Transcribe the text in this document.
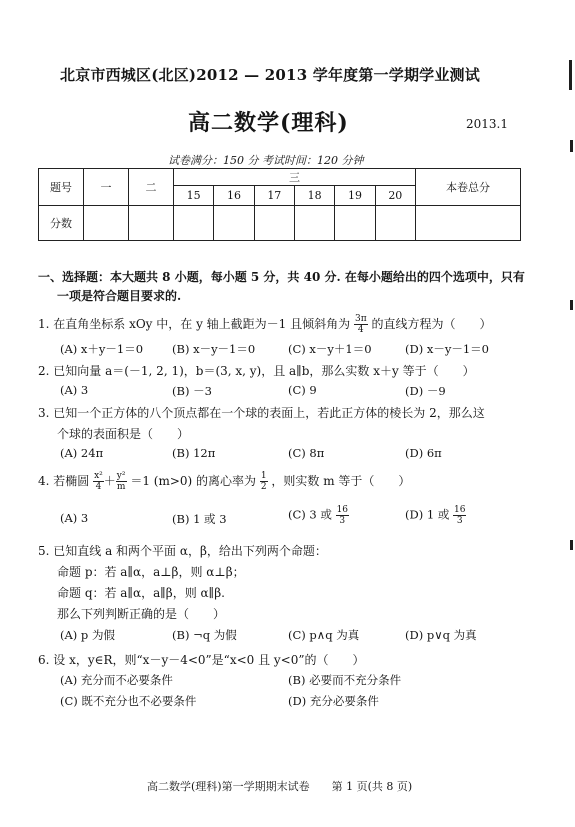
北京市西城区(北区)2012 — 2013 学年度第一学期学业测试
高二数学(理科)	2013.1
试卷满分：150 分 考试时间：120 分钟
题号	一	二	三						本卷总分
			15	16	17	18	19	20	
分数									
一、选择题：本大题共 8 小题，每小题 5 分，共 40 分. 在每小题给出的四个选项中，只有
一项是符合题目要求的.
1. 在直角坐标系 xOy 中，在 y 轴上截距为－1 且倾斜角为 $\frac{3\pi}{4}$ 的直线方程为（　　）
(A) x＋y－1＝0	(B) x－y－1＝0	(C) x－y＋1＝0	(D) x－y－1＝0
2. 已知向量 a＝(－1, 2, 1)，b＝(3, x, y)，且 a∥b，那么实数 x＋y 等于（　　）
(A) 3	(B) －3	(C) 9	(D) －9
3. 已知一个正方体的八个顶点都在一个球的表面上，若此正方体的棱长为 2，那么这
个球的表面积是（　　）
(A) 24π	(B) 12π	(C) 8π	(D) 6π
4. 若椭圆 $\frac{\text{x²}}{4} + \frac{\text{y²}}{m} =1$ (m>0) 的离心率为 $\frac{1}{2}$ ，则实数 m 等于（　　）
(A) 3	(B) 1 或 3	(C) 3 或 $\frac{16}{3}$	(D) 1 或 $\frac{16}{3}$
5. 已知直线 a 和两个平面 α，β，给出下列两个命题：
命题 p：若 a∥α，a⊥β，则 α⊥β；
命题 q：若 a∥α，a∥β，则 α∥β.
那么下列判断正确的是（　　）
(A) p 为假	(B) ¬q 为假	(C) p∧q 为真	(D) p∨q 为真
6. 设 x，y∈R，则“x－y－4<0”是“x<0 且 y<0”的（　　）
(A) 充分而不必要条件	(B) 必要而不充分条件
(C) 既不充分也不必要条件	(D) 充分必要条件
高二数学(理科)第一学期期末试卷　　第 1 页(共 8 页)
